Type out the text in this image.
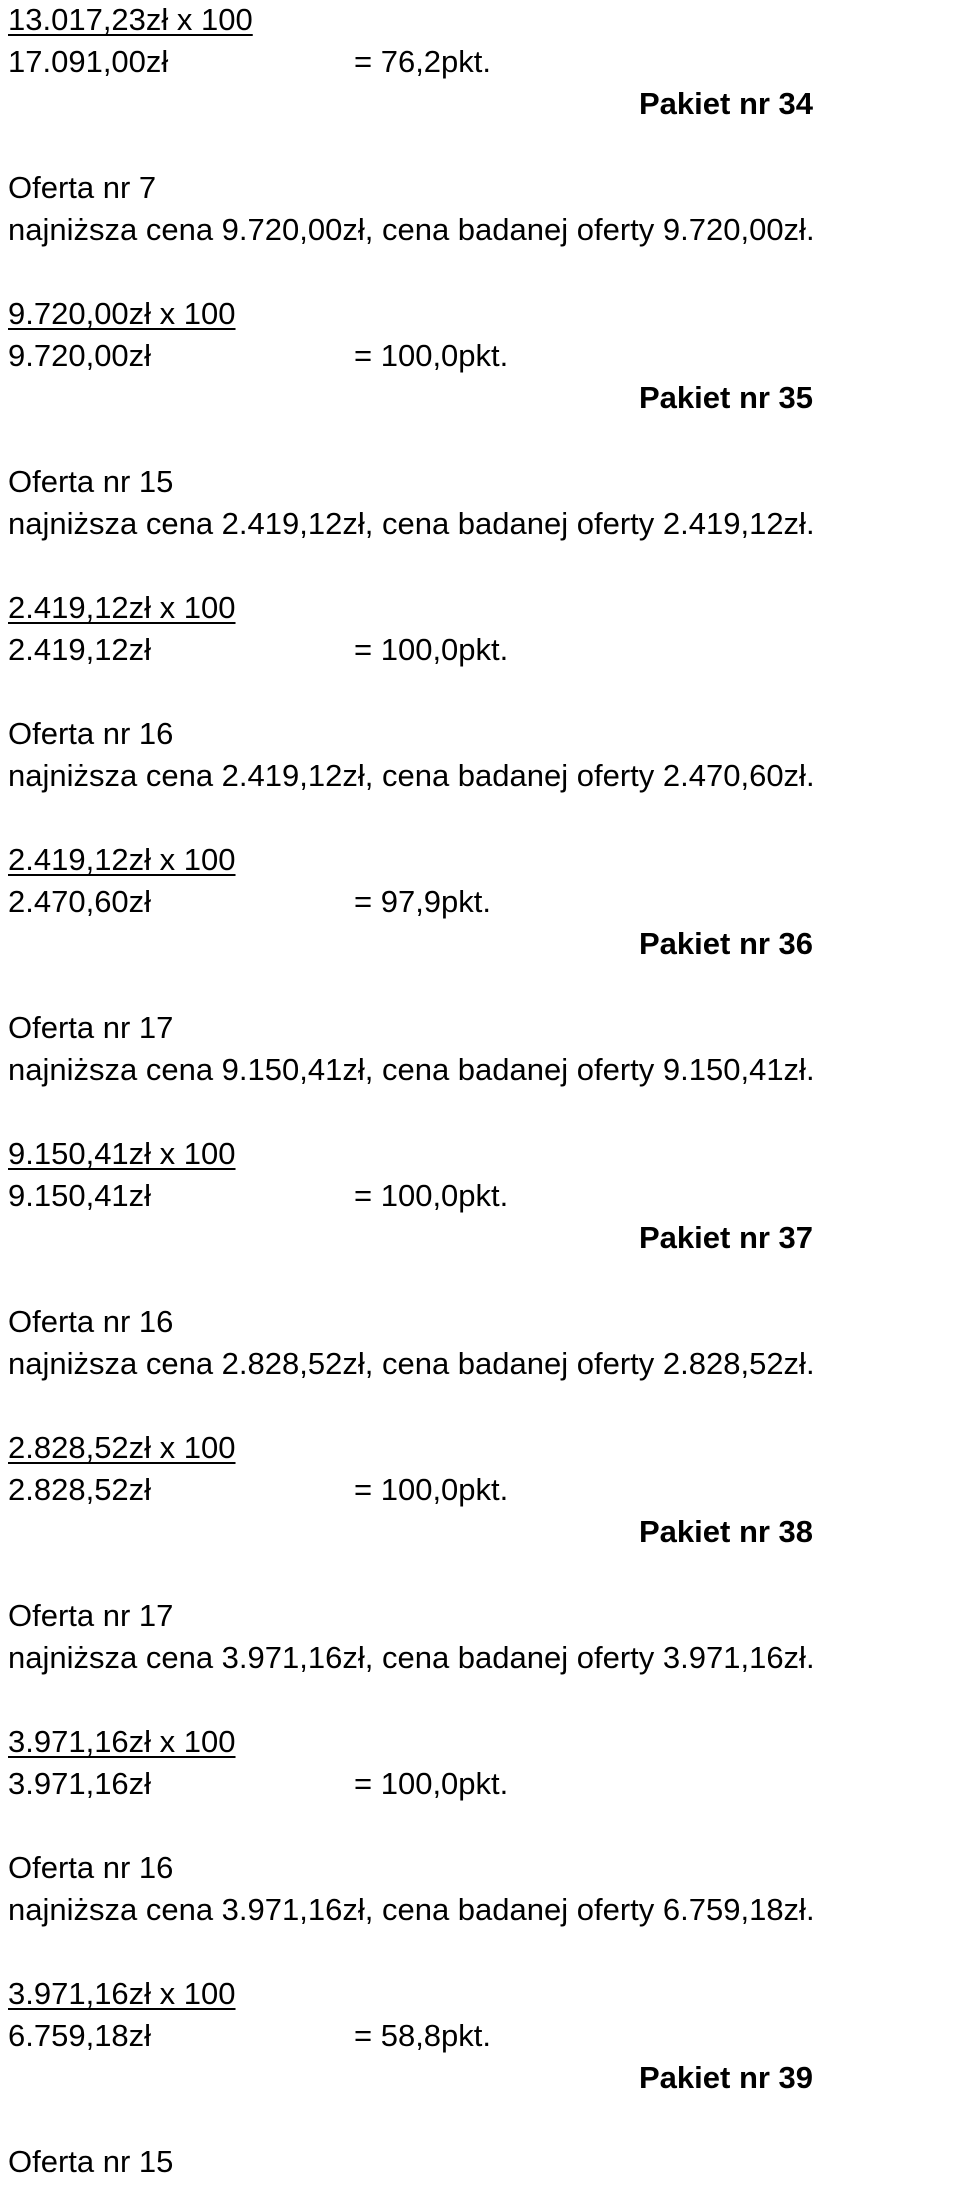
13.017,23zł x 100
17.091,00zł	= 76,2pkt.
Pakiet nr 34
Oferta nr 7
najniższa cena 9.720,00zł, cena badanej oferty 9.720,00zł.
9.720,00zł x 100
9.720,00zł	= 100,0pkt.
Pakiet nr 35
Oferta nr 15
najniższa cena 2.419,12zł, cena badanej oferty 2.419,12zł.
2.419,12zł x 100
2.419,12zł	= 100,0pkt.
Oferta nr 16
najniższa cena 2.419,12zł, cena badanej oferty 2.470,60zł.
2.419,12zł x 100
2.470,60zł	= 97,9pkt.
Pakiet nr 36
Oferta nr 17
najniższa cena 9.150,41zł, cena badanej oferty 9.150,41zł.
9.150,41zł x 100
9.150,41zł	= 100,0pkt.
Pakiet nr 37
Oferta nr 16
najniższa cena 2.828,52zł, cena badanej oferty 2.828,52zł.
2.828,52zł x 100
2.828,52zł	= 100,0pkt.
Pakiet nr 38
Oferta nr 17
najniższa cena 3.971,16zł, cena badanej oferty 3.971,16zł.
3.971,16zł x 100
3.971,16zł	= 100,0pkt.
Oferta nr 16
najniższa cena 3.971,16zł, cena badanej oferty 6.759,18zł.
3.971,16zł x 100
6.759,18zł	= 58,8pkt.
Pakiet nr 39
Oferta nr 15
